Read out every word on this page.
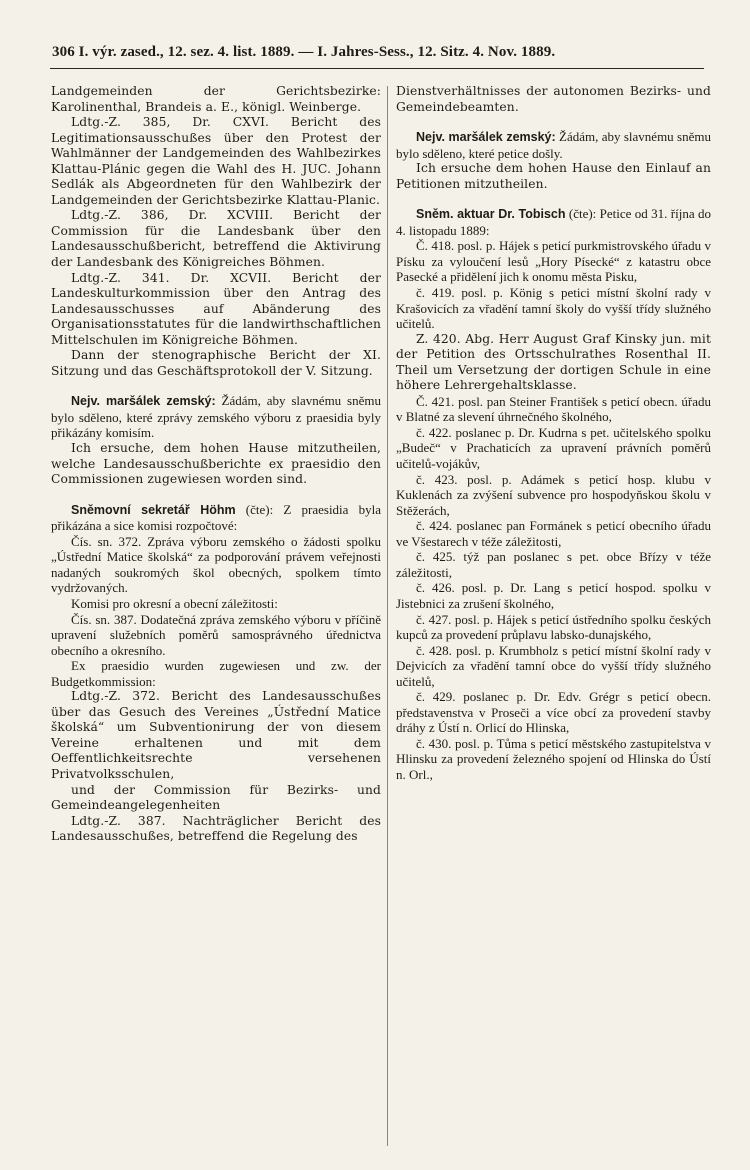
306 I. výr. zased., 12. sez. 4. list. 1889. — I. Jahres-Sess., 12. Sitz. 4. Nov. 1889.

Landgemeinden der Gerichtsbezirke: Karolinenthal, Brandeis a. E., königl. Weinberge.

Ldtg.-Z. 385, Dr. CXVI. Bericht des Legitimationsausschußes über den Protest der Wahlmänner der Landgemeinden des Wahlbezirkes Klattau-Plánic gegen die Wahl des H. JUC. Johann Sedlák als Abgeordneten für den Wahlbezirk der Landgemeinden der Gerichtsbezirke Klattau-Planic.

Ldtg.-Z. 386, Dr. XCVIII. Bericht der Commission für die Landesbank über den Landesausschußbericht, betreffend die Aktivirung der Landesbank des Königreiches Böhmen.

Ldtg.-Z. 341. Dr. XCVII. Bericht der Landeskulturkommission über den Antrag des Landesausschusses auf Abänderung des Organisationsstatutes für die landwirthschaftlichen Mittelschulen im Königreiche Böhmen.

Dann der stenographische Bericht der XI. Sitzung und das Geschäftsprotokoll der V. Sitzung.

Nejv. maršálek zemský: Žádám, aby slavnému sněmu bylo sděleno, které zprávy zemského výboru z praesidia byly přikázány komisím.

Ich ersuche, dem hohen Hause mitzutheilen, welche Landesausschußberichte ex praesidio den Commissionen zugewiesen worden sind.

Sněmovní sekretář Höhm (čte): Z praesidia byla přikázána a sice komisi rozpočtové:

Čís. sn. 372. Zpráva výboru zemského o žádosti spolku „Ústřední Matice školská“ za podporování právem veřejnosti nadaných soukromých škol obecných, spolkem tímto vydržovaných.

Komisi pro okresní a obecní záležitosti:

Čís. sn. 387. Dodatečná zpráva zemského výboru v příčině upravení služebních poměrů samosprávného úřednictva obecního a okresního.

Ex praesidio wurden zugewiesen und zw. der Budgetkommission:

Ldtg.-Z. 372. Bericht des Landesausschußes über das Gesuch des Vereines „Ústřední Matice školská“ um Subventionirung der von diesem Vereine erhaltenen und mit dem Oeffentlichkeitsrechte versehenen Privatvolksschulen,

und der Commission für Bezirks- und Gemeindeangelegenheiten

Ldtg.-Z. 387. Nachträglicher Bericht des Landesausschußes, betreffend die Regelung des

Dienstverhältnisses der autonomen Bezirks- und Gemeindebeamten.

Nejv. maršálek zemský: Žádám, aby slavnému sněmu bylo sděleno, které petice došly.

Ich ersuche dem hohen Hause den Einlauf an Petitionen mitzutheilen.

Sněm. aktuar Dr. Tobisch (čte): Petice od 31. října do 4. listopadu 1889:

Č. 418. posl. p. Hájek s peticí purkmistrovského úřadu v Písku za vyloučení lesů „Hory Písecké“ z katastru obce Pasecké a přidělení jich k onomu města Pisku,

č. 419. posl. p. König s petici místní školní rady v Krašovicích za vřadění tamní školy do vyšší třídy služného učitelů.

Z. 420. Abg. Herr August Graf Kinsky jun. mit der Petition des Ortsschulrathes Rosenthal II. Theil um Versetzung der dortigen Schule in eine höhere Lehrergehaltsklasse.

Č. 421. posl. pan Steiner František s peticí obecn. úřadu v Blatné za slevení úhrnečného školného,

č. 422. poslanec p. Dr. Kudrna s pet. učitelského spolku „Budeč“ v Prachaticích za upravení právních poměrů učitelů-vojákův,

č. 423. posl. p. Adámek s peticí hosp. klubu v Kuklenách za zvýšení subvence pro hospodyňskou školu v Stěžerách,

č. 424. poslanec pan Formánek s peticí obecního úřadu ve Všestarech v téže záležitosti,

č. 425. týž pan poslanec s pet. obce Břízy v téže záležitosti,

č. 426. posl. p. Dr. Lang s peticí hospod. spolku v Jistebnici za zrušení školného,

č. 427. posl. p. Hájek s peticí ústředního spolku českých kupců za provedení průplavu labsko-dunajského,

č. 428. posl. p. Krumbholz s peticí místní školní rady v Dejvicích za vřadění tamní obce do vyšší třídy služného učitelů,

č. 429. poslanec p. Dr. Edv. Grégr s peticí obecn. představenstva v Proseči a více obcí za provedení stavby dráhy z Ústí n. Orlicí do Hlinska,

č. 430. posl. p. Tůma s peticí městského zastupitelstva v Hlinsku za provedení železného spojení od Hlinska do Ústí n. Orl.,
